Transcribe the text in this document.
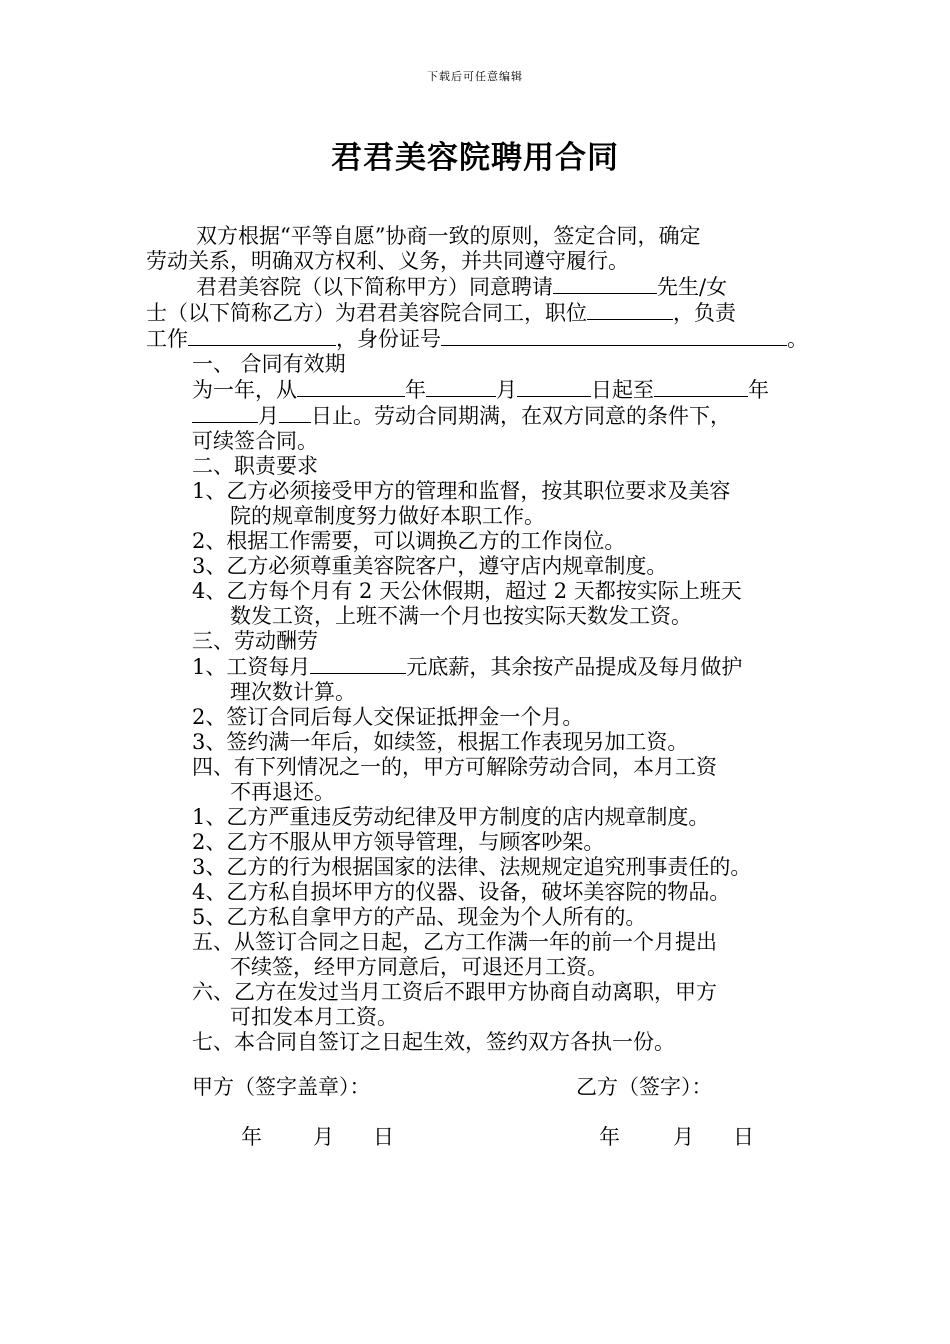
下载后可任意编辑
君君美容院聘用合同

双方根据“平等自愿”协商一致的原则，签定合同，确定

劳动关系，明确双方权利、义务，并共同遵守履行。

君君美容院（以下简称甲方）同意聘请	先生/女

士（以下简称乙方）为君君美容院合同工，职位	，负责

工作	，身份证号	。

一、 合同有效期

为一年，从	年	月	日起至	年

月 日止。劳动合同期满，在双方同意的条件下，

可续签合同。

二、职责要求

1、乙方必须接受甲方的管理和监督，按其职位要求及美容

院的规章制度努力做好本职工作。

2、根据工作需要，可以调换乙方的工作岗位。

3、乙方必须尊重美容院客户，遵守店内规章制度。

4、乙方每个月有 2 天公休假期，超过 2 天都按实际上班天

数发工资，上班不满一个月也按实际天数发工资。

三、劳动酬劳

1、工资每月	元底薪，其余按产品提成及每月做护

理次数计算。

2、签订合同后每人交保证抵押金一个月。

3、签约满一年后，如续签，根据工作表现另加工资。

四、有下列情况之一的，甲方可解除劳动合同，本月工资

不再退还。

1、乙方严重违反劳动纪律及甲方制度的店内规章制度。

2、乙方不服从甲方领导管理，与顾客吵架。

3、乙方的行为根据国家的法律、法规规定追究刑事责任的。

4、乙方私自损坏甲方的仪器、设备，破坏美容院的物品。

5、乙方私自拿甲方的产品、现金为个人所有的。

五、从签订合同之日起，乙方工作满一年的前一个月提出

不续签，经甲方同意后，可退还月工资。

六、乙方在发过当月工资后不跟甲方协商自动离职，甲方

可扣发本月工资。

七、本合同自签订之日起生效，签约双方各执一份。

甲方（签字盖章）：	乙方（签字）：
年 月 日	年	月 日
